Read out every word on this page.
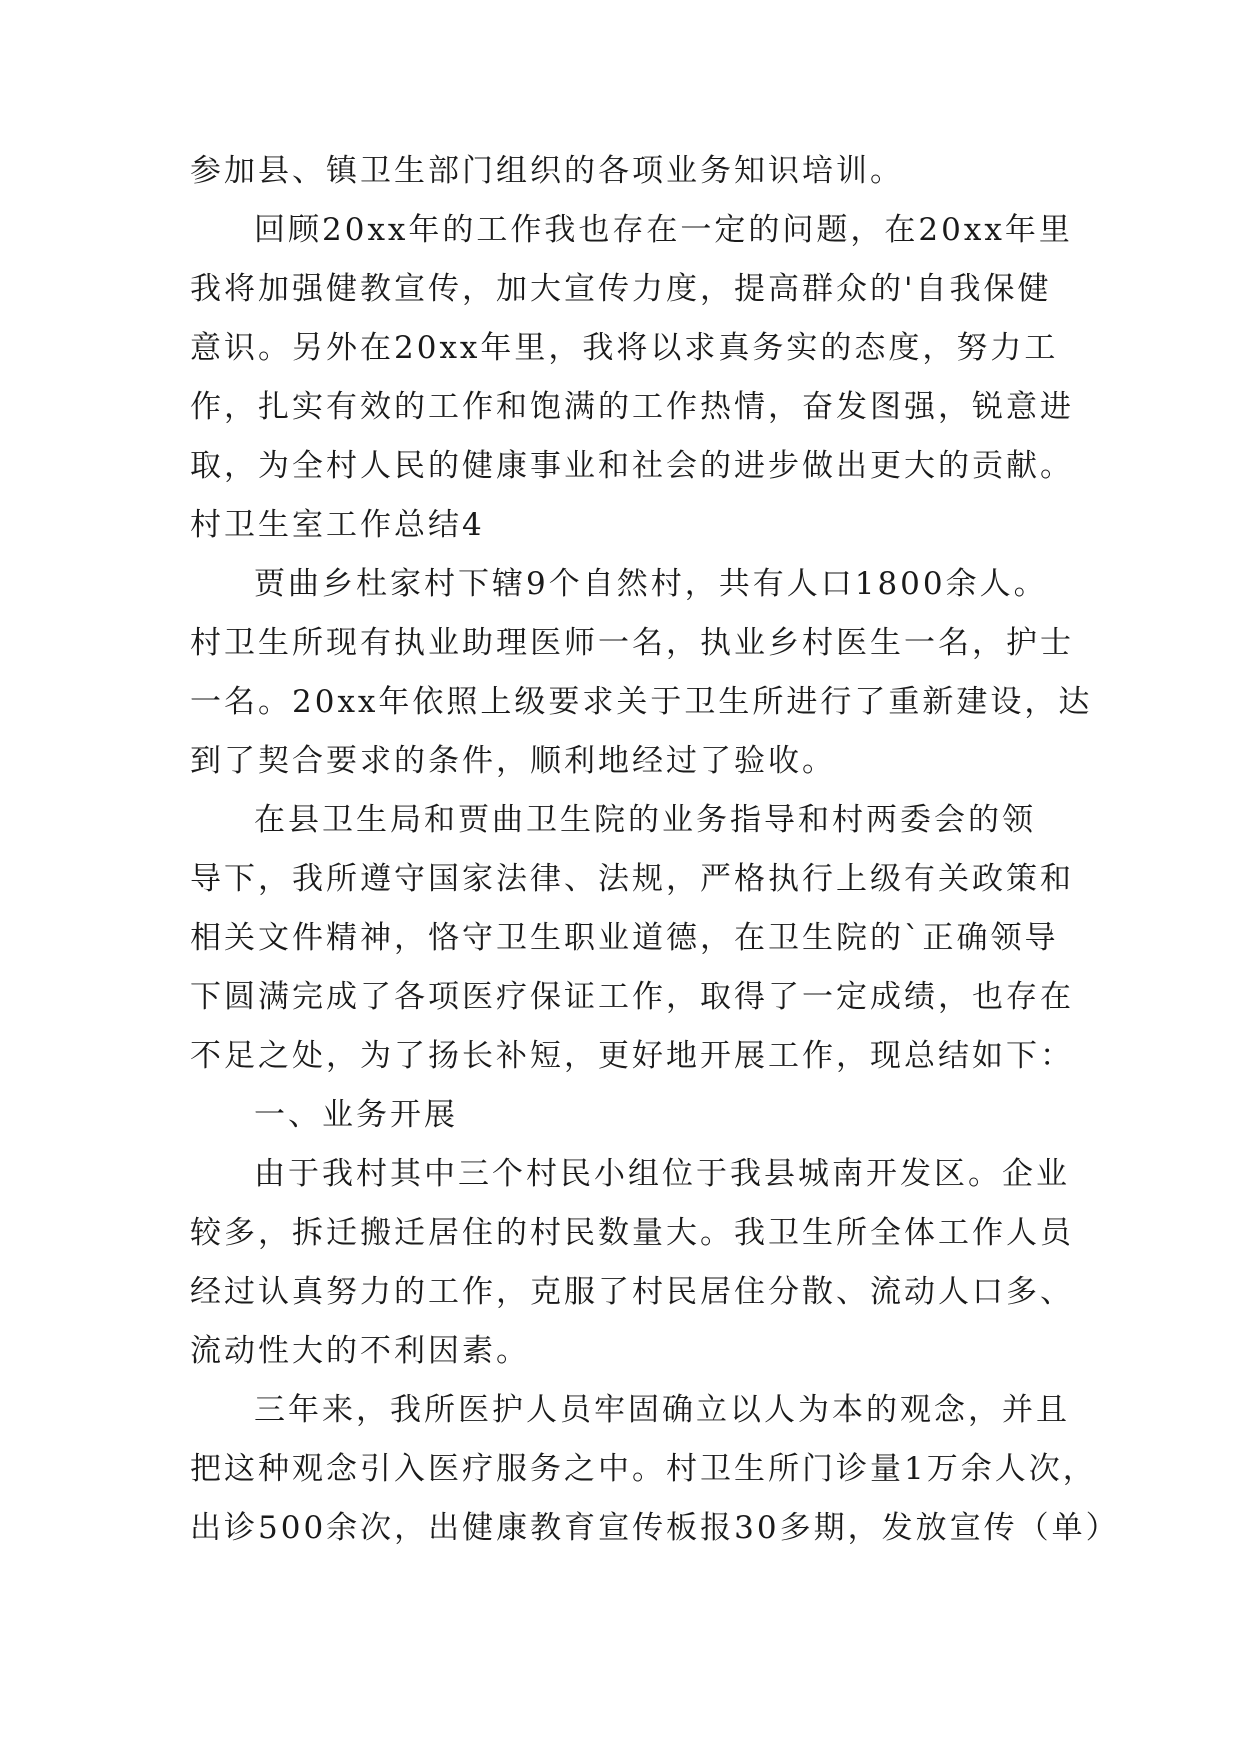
参加县、镇卫生部门组织的各项业务知识培训。
回顾20xx年的工作我也存在一定的问题，在20xx年里
我将加强健教宣传，加大宣传力度，提高群众的'自我保健
意识。另外在20xx年里，我将以求真务实的态度，努力工
作，扎实有效的工作和饱满的工作热情，奋发图强，锐意进
取，为全村人民的健康事业和社会的进步做出更大的贡献。
村卫生室工作总结4
贾曲乡杜家村下辖9个自然村，共有人口1800余人。
村卫生所现有执业助理医师一名，执业乡村医生一名，护士
一名。20xx年依照上级要求关于卫生所进行了重新建设，达
到了契合要求的条件，顺利地经过了验收。
在县卫生局和贾曲卫生院的业务指导和村两委会的领
导下，我所遵守国家法律、法规，严格执行上级有关政策和
相关文件精神，恪守卫生职业道德，在卫生院的`正确领导
下圆满完成了各项医疗保证工作，取得了一定成绩，也存在
不足之处，为了扬长补短，更好地开展工作，现总结如下：
一、业务开展
由于我村其中三个村民小组位于我县城南开发区。企业
较多，拆迁搬迁居住的村民数量大。我卫生所全体工作人员
经过认真努力的工作，克服了村民居住分散、流动人口多、
流动性大的不利因素。
三年来，我所医护人员牢固确立以人为本的观念，并且
把这种观念引入医疗服务之中。村卫生所门诊量1万余人次，
出诊500余次，出健康教育宣传板报30多期，发放宣传（单）
